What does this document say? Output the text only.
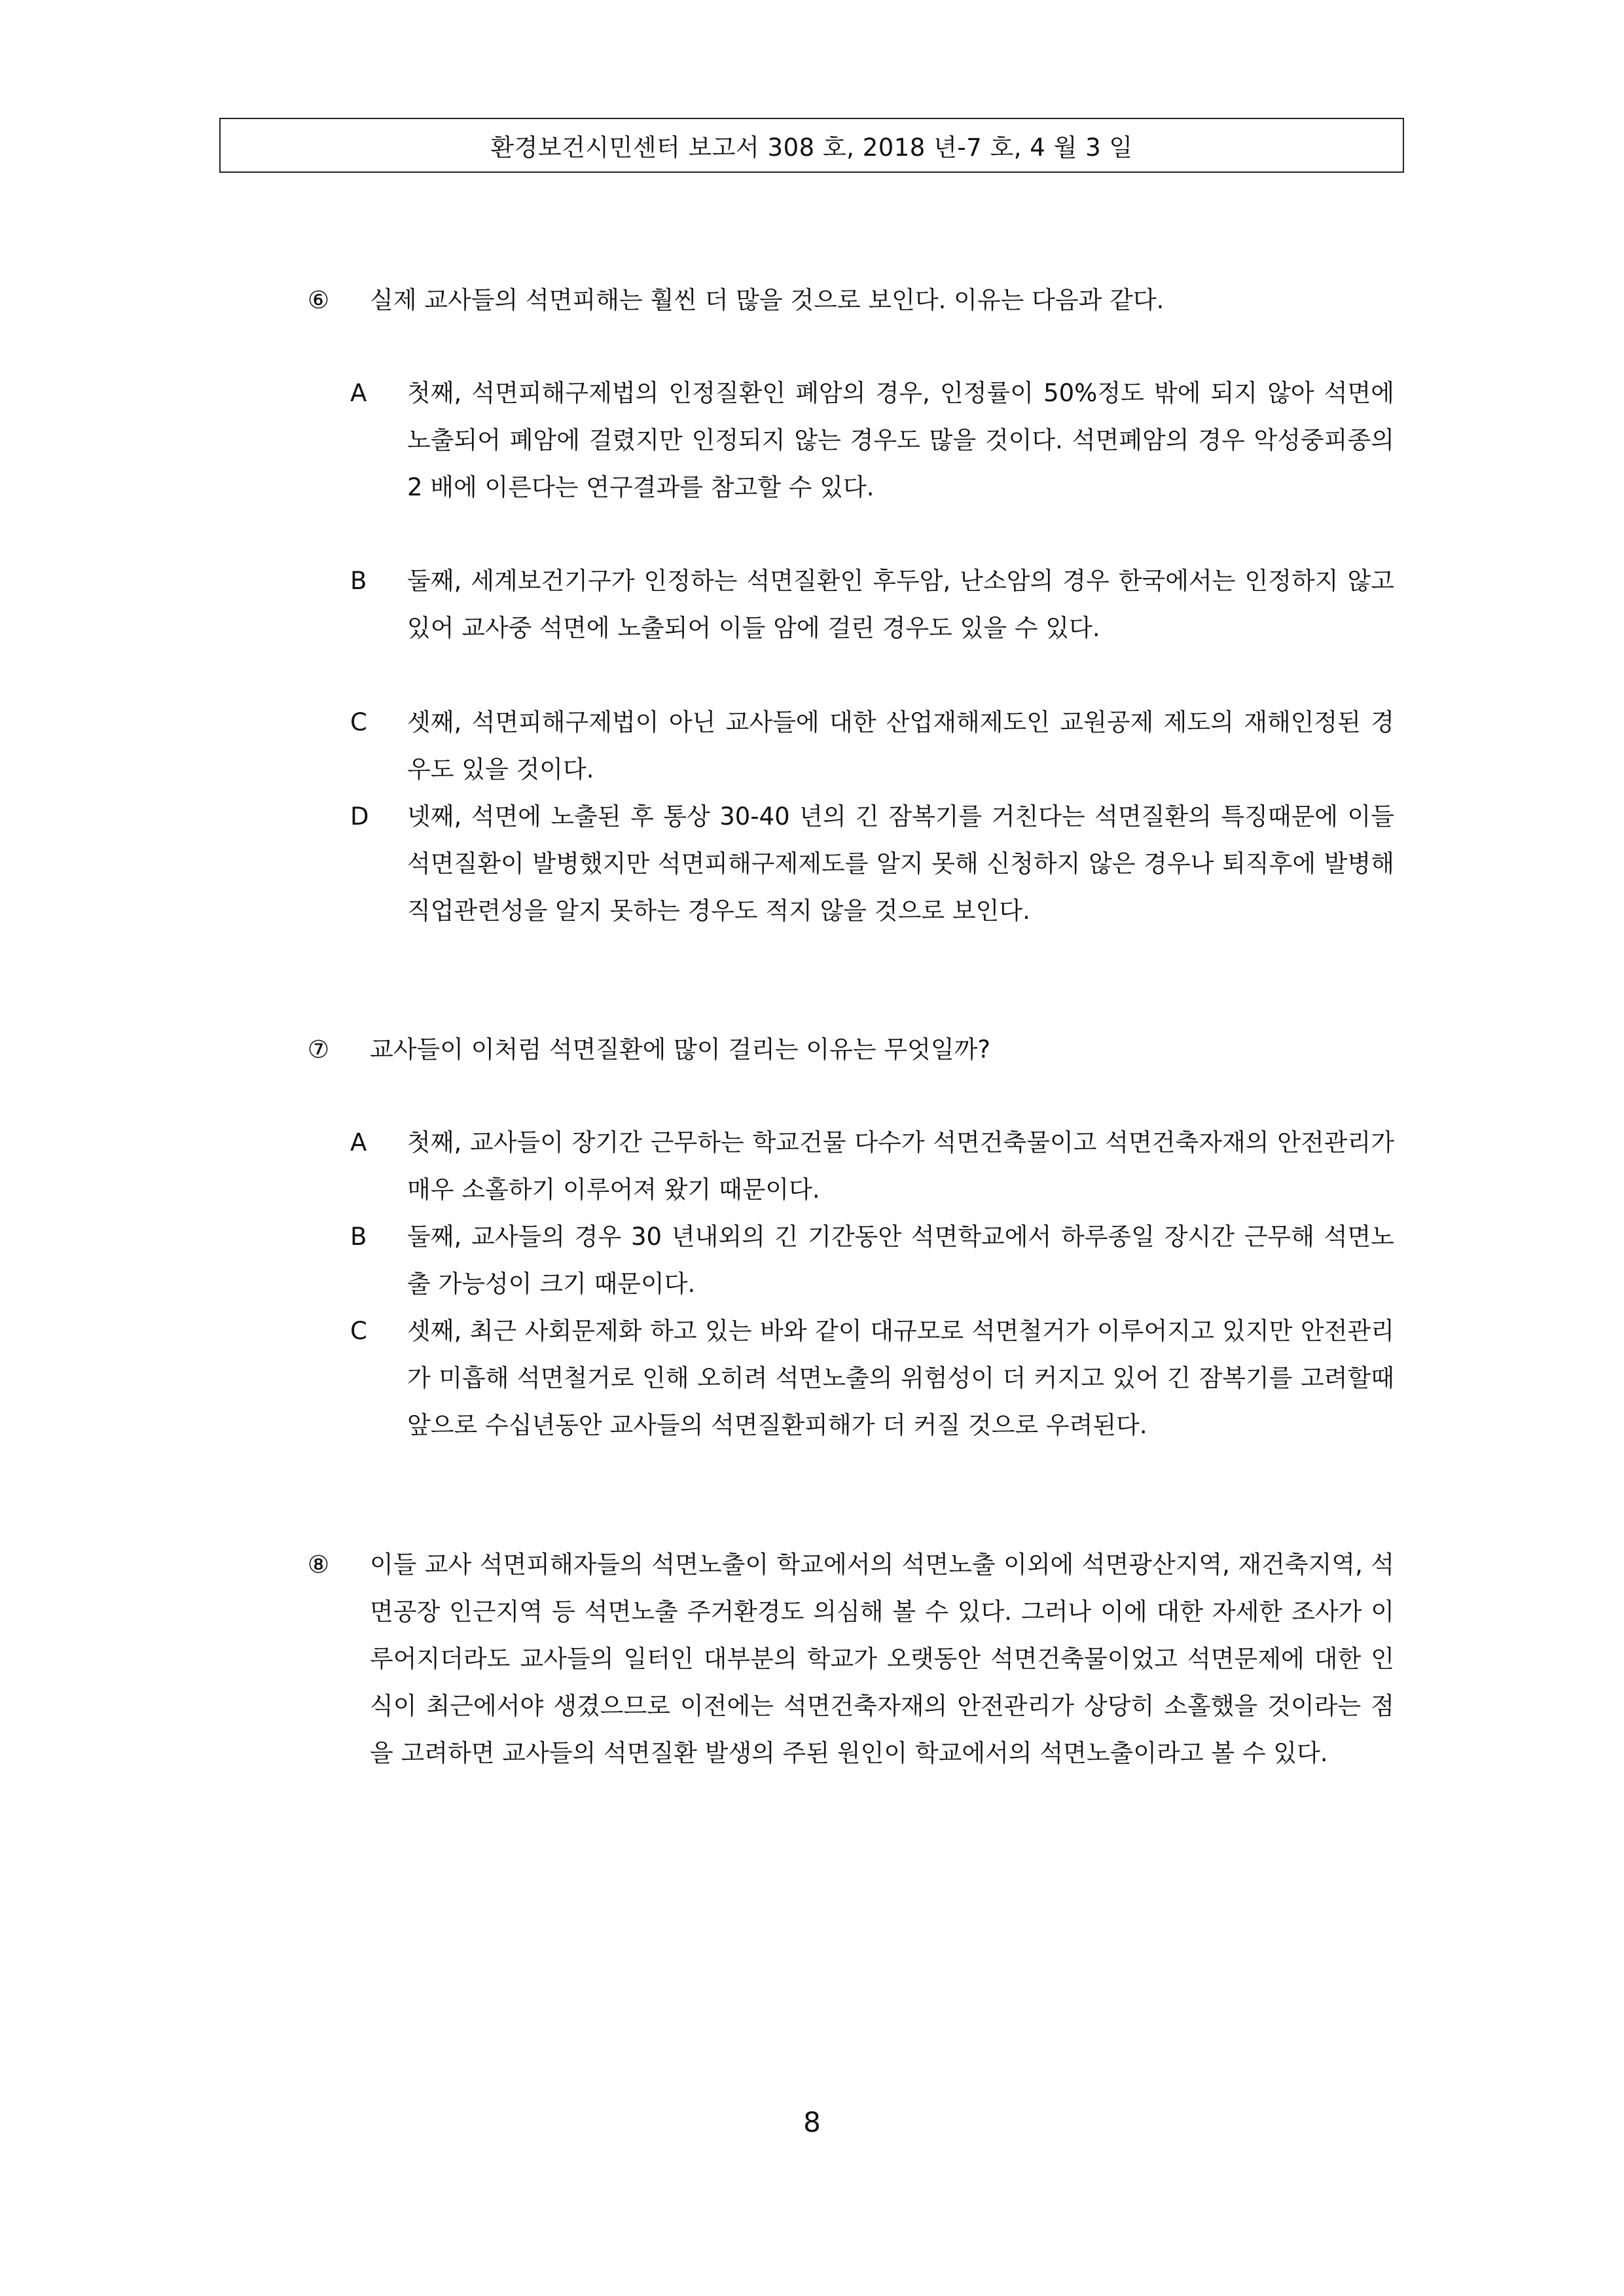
환경보건시민센터 보고서 308 호, 2018 년-7 호, 4 월 3 일
⑥ 실제 교사들의 석면피해는 훨씬 더 많을 것으로 보인다. 이유는 다음과 같다.
A 첫째, 석면피해구제법의 인정질환인 폐암의 경우, 인정률이 50%정도 밖에 되지 않아 석면에 노출되어 폐암에 걸렸지만 인정되지 않는 경우도 많을 것이다. 석면폐암의 경우 악성중피종의 2 배에 이른다는 연구결과를 참고할 수 있다.
B 둘째, 세계보건기구가 인정하는 석면질환인 후두암, 난소암의 경우 한국에서는 인정하지 않고 있어 교사중 석면에 노출되어 이들 암에 걸린 경우도 있을 수 있다.
C 셋째, 석면피해구제법이 아닌 교사들에 대한 산업재해제도인 교원공제 제도의 재해인정된 경우도 있을 것이다.
D 넷째, 석면에 노출된 후 통상 30-40 년의 긴 잠복기를 거친다는 석면질환의 특징때문에 이들 석면질환이 발병했지만 석면피해구제제도를 알지 못해 신청하지 않은 경우나 퇴직후에 발병해 직업관련성을 알지 못하는 경우도 적지 않을 것으로 보인다.
⑦ 교사들이 이처럼 석면질환에 많이 걸리는 이유는 무엇일까?
A 첫째, 교사들이 장기간 근무하는 학교건물 다수가 석면건축물이고 석면건축자재의 안전관리가 매우 소홀하기 이루어져 왔기 때문이다.
B 둘째, 교사들의 경우 30 년내외의 긴 기간동안 석면학교에서 하루종일 장시간 근무해 석면노출 가능성이 크기 때문이다.
C 셋째, 최근 사회문제화 하고 있는 바와 같이 대규모로 석면철거가 이루어지고 있지만 안전관리가 미흡해 석면철거로 인해 오히려 석면노출의 위험성이 더 커지고 있어 긴 잠복기를 고려할때 앞으로 수십년동안 교사들의 석면질환피해가 더 커질 것으로 우려된다.
⑧ 이들 교사 석면피해자들의 석면노출이 학교에서의 석면노출 이외에 석면광산지역, 재건축지역, 석면공장 인근지역 등 석면노출 주거환경도 의심해 볼 수 있다. 그러나 이에 대한 자세한 조사가 이루어지더라도 교사들의 일터인 대부분의 학교가 오랫동안 석면건축물이었고 석면문제에 대한 인식이 최근에서야 생겼으므로 이전에는 석면건축자재의 안전관리가 상당히 소홀했을 것이라는 점을 고려하면 교사들의 석면질환 발생의 주된 원인이 학교에서의 석면노출이라고 볼 수 있다.
8
